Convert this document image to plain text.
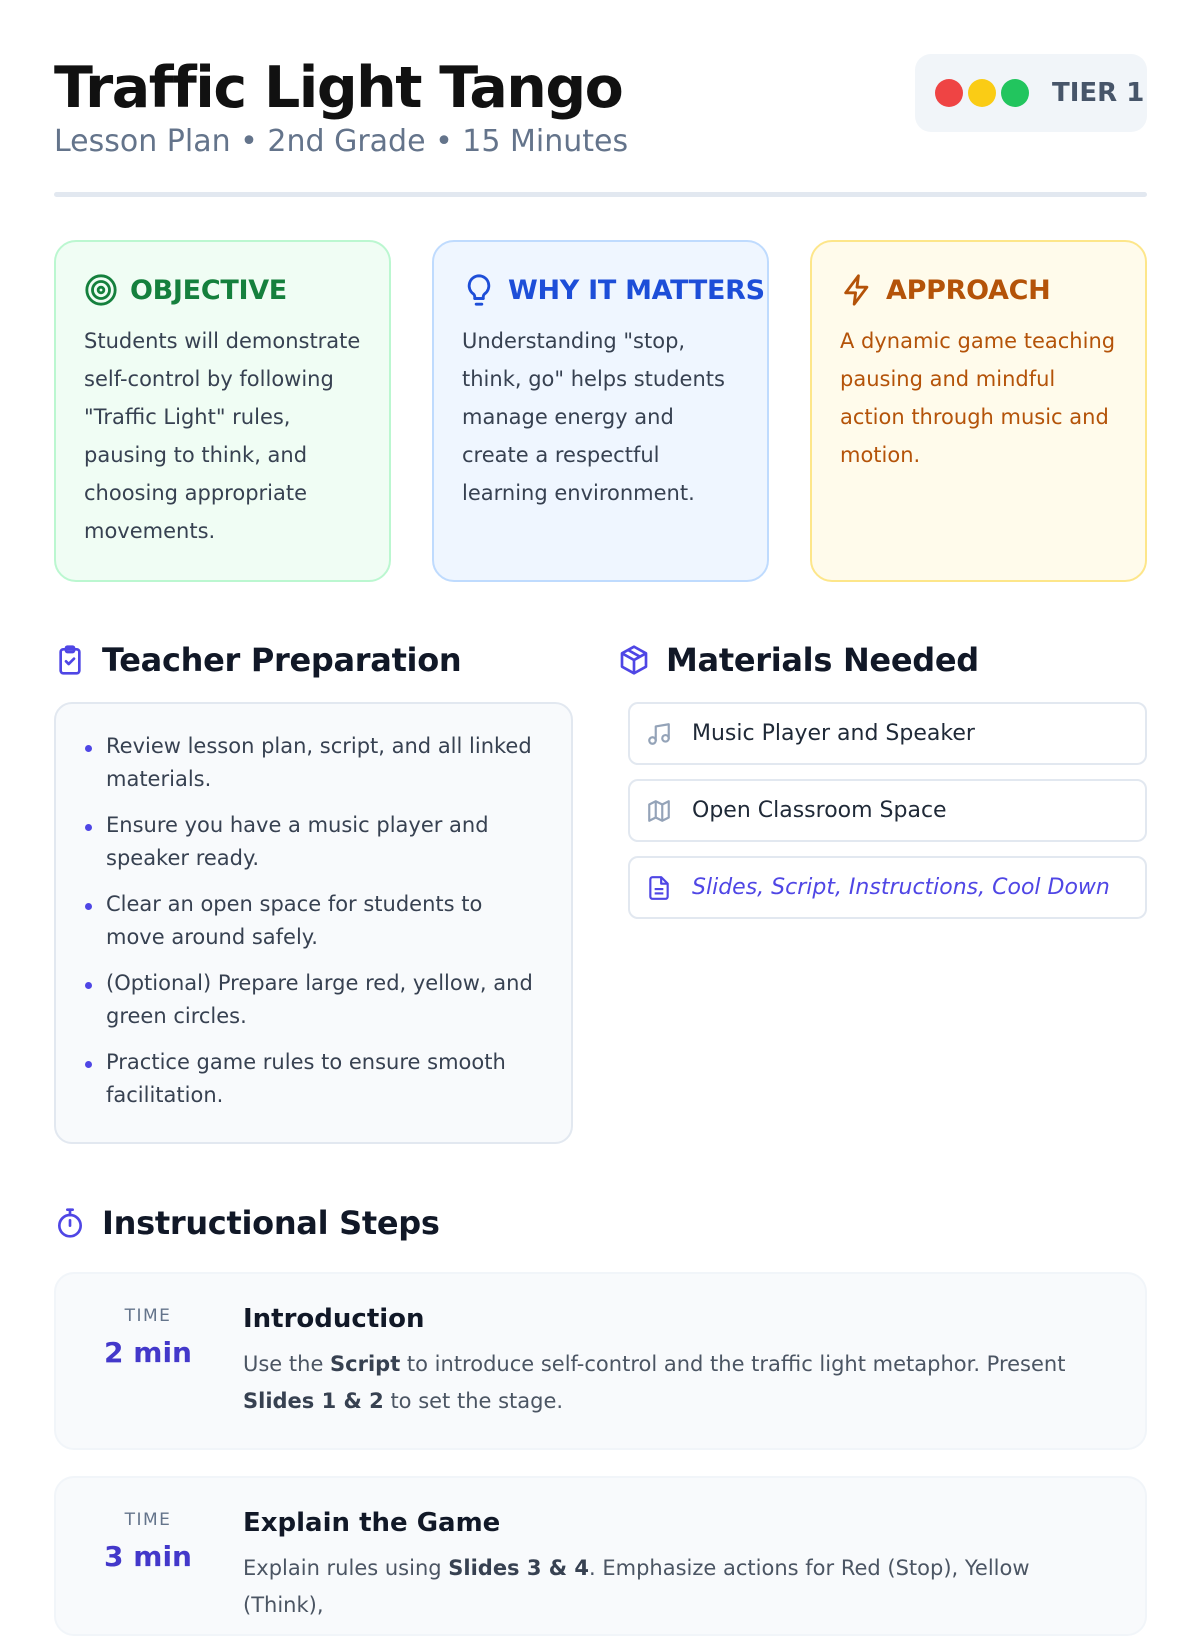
Traffic Light Tango
Lesson Plan • 2nd Grade • 15 Minutes
TIER 1
OBJECTIVE
Students will demonstrate self-control by following "Traffic Light" rules, pausing to think, and choosing appropriate movements.
WHY IT MATTERS
Understanding "stop, think, go" helps students manage energy and create a respectful learning environment.
APPROACH
A dynamic game teaching pausing and mindful action through music and motion.
Teacher Preparation	Materials Needed
Review lesson plan, script, and all linked materials.
Ensure you have a music player and speaker ready.
Clear an open space for students to move around safely.
(Optional) Prepare large red, yellow, and green circles.
Practice game rules to ensure smooth facilitation.
Music Player and Speaker
Open Classroom Space
Slides, Script, Instructions, Cool Down
Instructional Steps
TIME
2 min
Introduction
Use the Script to introduce self-control and the traffic light metaphor. Present Slides 1 & 2 to set the stage.
TIME
3 min
Explain the Game
Explain rules using Slides 3 & 4. Emphasize actions for Red (Stop), Yellow (Think),
